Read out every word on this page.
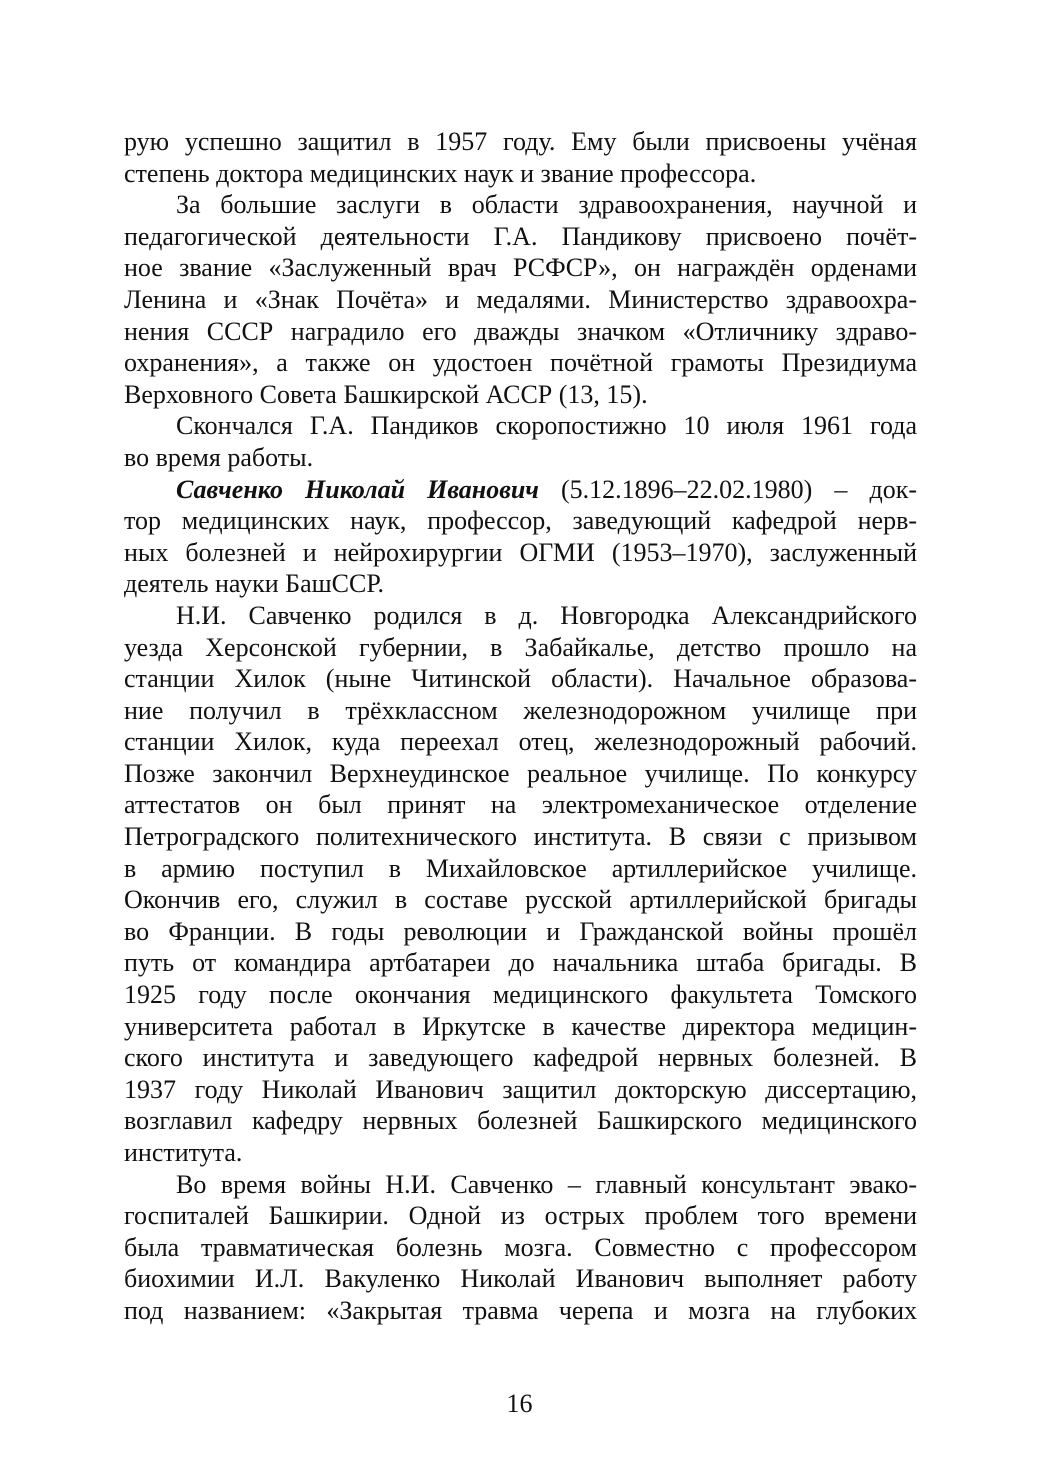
рую успешно защитил в 1957 году. Ему были присвоены учёная
степень доктора медицинских наук и звание профессора.
За большие заслуги в области здравоохранения, научной и
педагогической деятельности Г.А. Пандикову присвоено почёт-
ное звание «Заслуженный врач РСФСР», он награждён орденами
Ленина и «Знак Почёта» и медалями. Министерство здравоохра-
нения СССР наградило его дважды значком «Отличнику здраво-
охранения», а также он удостоен почётной грамоты Президиума
Верховного Совета Башкирской АССР (13, 15).
Скончался Г.А. Пандиков скоропостижно 10 июля 1961 года
во время работы.
Савченко Николай Иванович (5.12.1896–22.02.1980) – док-
тор медицинских наук, профессор, заведующий кафедрой нерв-
ных болезней и нейрохирургии ОГМИ (1953–1970), заслуженный
деятель науки БашССР.
Н.И. Савченко родился в д. Новгородка Александрийского
уезда Херсонской губернии, в Забайкалье, детство прошло на
станции Хилок (ныне Читинской области). Начальное образова-
ние получил в трёхклассном железнодорожном училище при
станции Хилок, куда переехал отец, железнодорожный рабочий.
Позже закончил Верхнеудинское реальное училище. По конкурсу
аттестатов он был принят на электромеханическое отделение
Петроградского политехнического института. В связи с призывом
в армию поступил в Михайловское артиллерийское училище.
Окончив его, служил в составе русской артиллерийской бригады
во Франции. В годы революции и Гражданской войны прошёл
путь от командира артбатареи до начальника штаба бригады. В
1925 году после окончания медицинского факультета Томского
университета работал в Иркутске в качестве директора медицин-
ского института и заведующего кафедрой нервных болезней. В
1937 году Николай Иванович защитил докторскую диссертацию,
возглавил кафедру нервных болезней Башкирского медицинского
института.
Во время войны Н.И. Савченко – главный консультант эвако-
госпиталей Башкирии. Одной из острых проблем того времени
была травматическая болезнь мозга. Совместно с профессором
биохимии И.Л. Вакуленко Николай Иванович выполняет работу
под названием: «Закрытая травма черепа и мозга на глубоких
16
